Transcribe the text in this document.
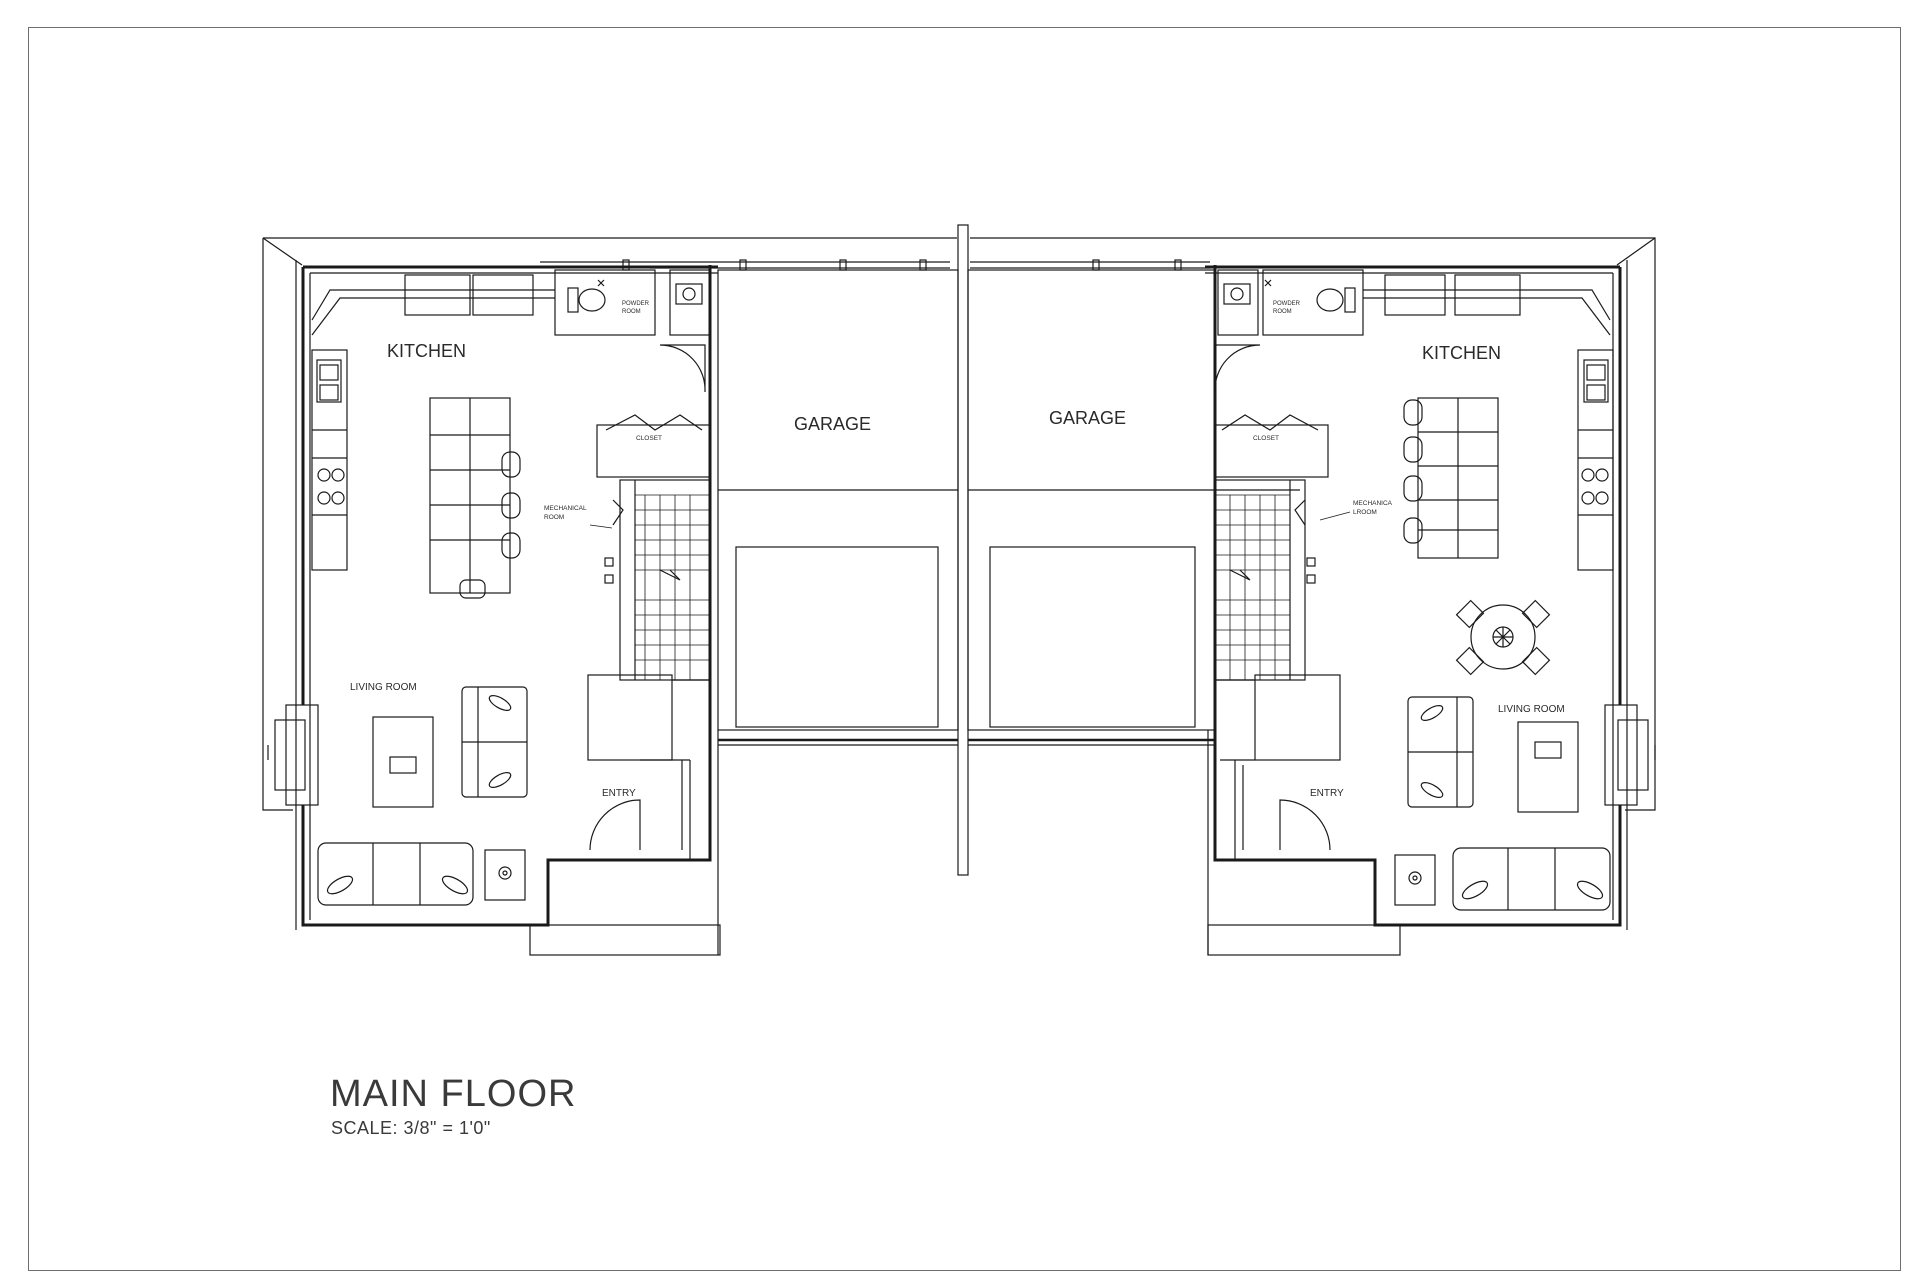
KITCHEN	KITCHEN
GARAGE	GARAGE
LIVING ROOM
LIVING ROOM
ENTRY	ENTRY
CLOSET	CLOSET
MECHANICAL
ROOM
MECHANICA
LROOM
POWDER
ROOM
POWDER
ROOM
MAIN FLOOR
SCALE: 3/8" = 1'0"
